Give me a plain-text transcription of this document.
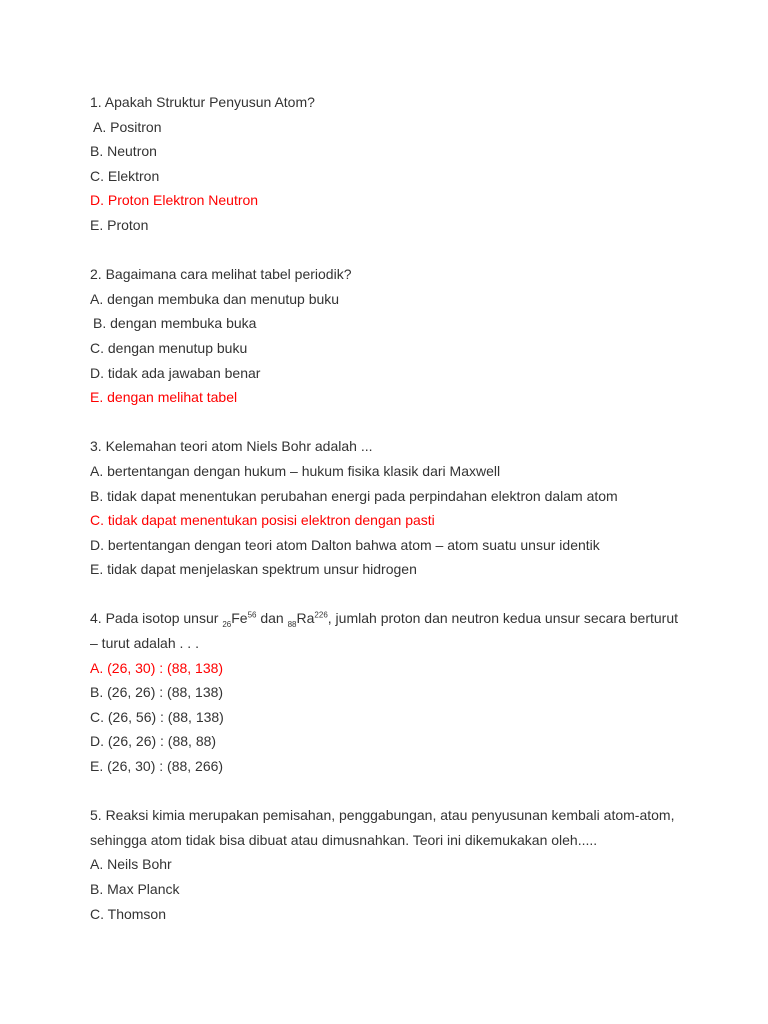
1. Apakah Struktur Penyusun Atom?
A. Positron
B. Neutron
C. Elektron
D. Proton Elektron Neutron
E. Proton
2. Bagaimana cara melihat tabel periodik?
A. dengan membuka dan menutup buku
B. dengan membuka buka
C. dengan menutup buku
D. tidak ada jawaban benar
E. dengan melihat tabel
3. Kelemahan teori atom Niels Bohr adalah ...
A. bertentangan dengan hukum – hukum fisika klasik dari Maxwell
B. tidak dapat menentukan perubahan energi pada perpindahan elektron dalam atom
C. tidak dapat menentukan posisi elektron dengan pasti
D. bertentangan dengan teori atom Dalton bahwa atom – atom suatu unsur identik
E. tidak dapat menjelaskan spektrum unsur hidrogen
4. Pada isotop unsur $_{26}Fe^{56}$ dan $_{88}Ra^{226}$, jumlah proton dan neutron kedua unsur secara berturut
– turut adalah . . .
A. (26, 30) : (88, 138)
B. (26, 26) : (88, 138)
C. (26, 56) : (88, 138)
D. (26, 26) : (88, 88)
E. (26, 30) : (88, 266)
5. Reaksi kimia merupakan pemisahan, penggabungan, atau penyusunan kembali atom-atom,
sehingga atom tidak bisa dibuat atau dimusnahkan. Teori ini dikemukakan oleh.....
A. Neils Bohr
B. Max Planck
C. Thomson
